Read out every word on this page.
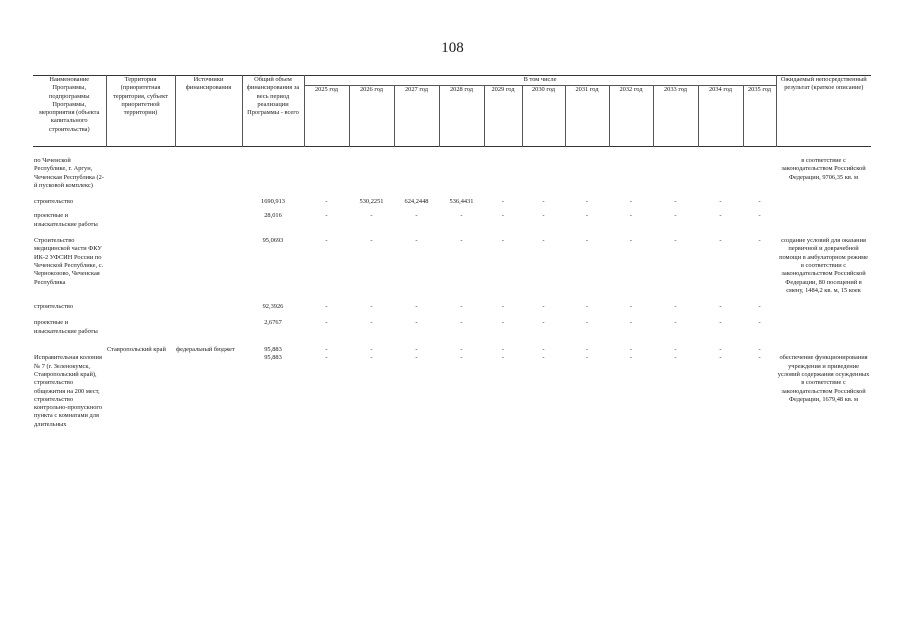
108
Наименование Программы, подпрограммы Программы, мероприятия (объекта капитального строительства)	Территория (приоритетная территория, субъект приоритетной территории)	Источники финансирования	Общий объем финансирования за весь период реализации Программы - всего	В том числе											Ожидаемый непосредственный результат (краткое описание)
				2025 год	2026 год	2027 год	2028 год	2029 год	2030 год	2031 год	2032 год	2033 год	2034 год	2035 год	

по Чеченской Республике, г. Аргун, Чеченская Республика (2-й пусковой комплекс)															в соответствие с законодательством Российской Федерации, 9706,35 кв. м
строительство			1690,913	-	530,2251	624,2448	536,4431	-	-	-	-	-	-	-	
проектные и изыскательские работы			28,016	-	-	-	-	-	-	-	-	-	-	-	
Строительство медицинской части ФКУ ИК-2 УФСИН России по Чеченской Республике, с. Чернокозово, Чеченская Республика			95,0693	-	-	-	-	-	-	-	-	-	-	-	создание условий для оказания первичной и доврачебной помощи в амбулаторном режиме в соответствии с законодательством Российской Федерации, 80 посещений в смену, 1484,2 кв. м, 15 коек
строительство			92,3926	-	-	-	-	-	-	-	-	-	-	-	
проектные и изыскательские работы			2,6767	-	-	-	-	-	-	-	-	-	-	-	
	Ставропольский край	федеральный бюджет	95,883	-	-	-	-	-	-	-	-	-	-	-	
Исправительная колония № 7 (г. Зеленокумск, Ставропольский край), строительство общежития на 200 мест, строительство контрольно-пропускного пункта с комнатами для длительных			95,883	-	-	-	-	-	-	-	-	-	-	-	обеспечение функционирования учреждения и приведение условий содержания осужденных в соответствие с законодательством Российской Федерации, 1679,48 кв. м
